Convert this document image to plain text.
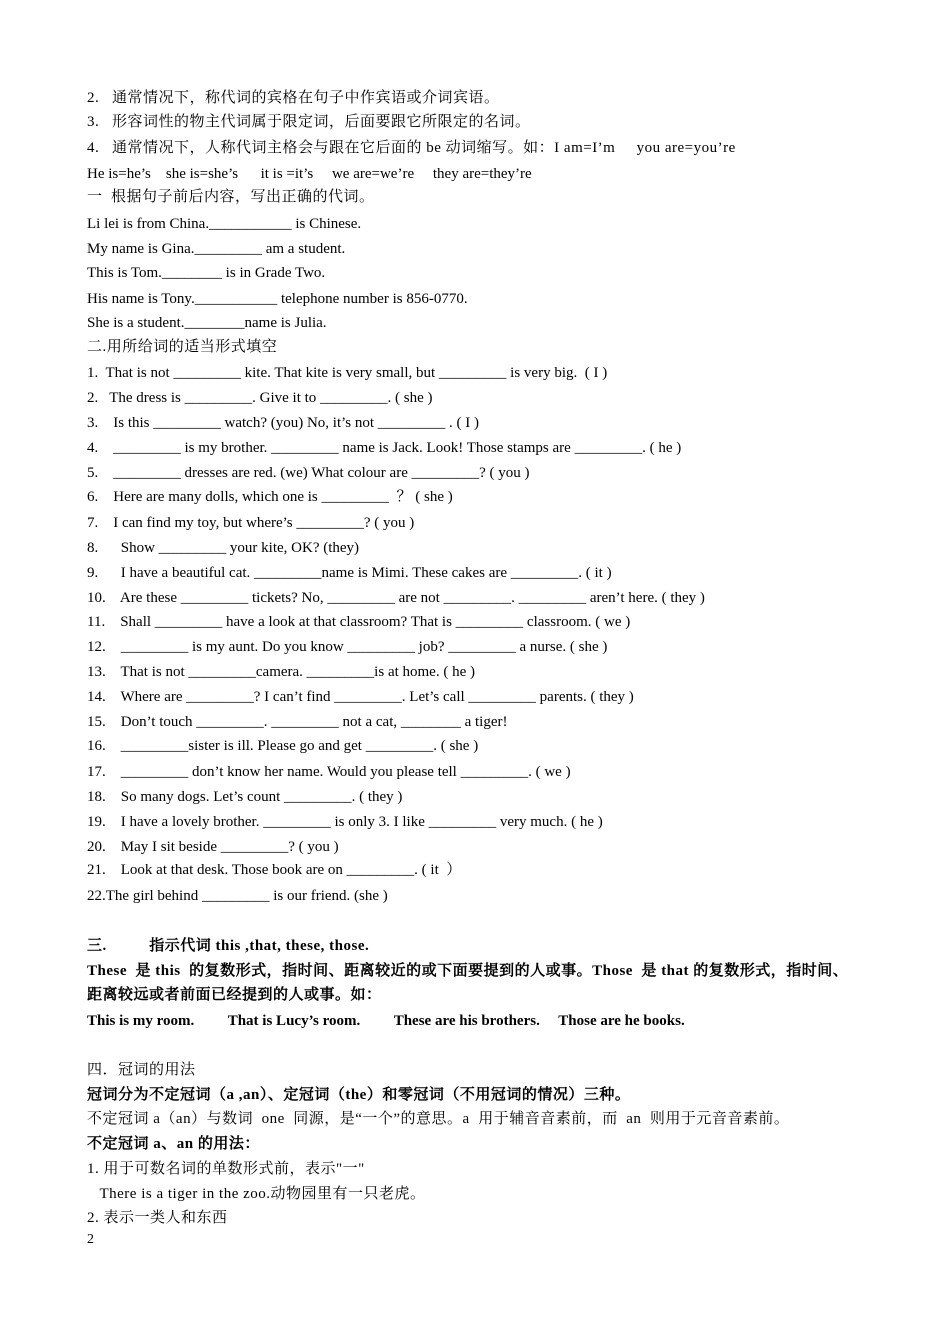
2.   通常情况下，称代词的宾格在句子中作宾语或介词宾语。
3.   形容词性的物主代词属于限定词，后面要跟它所限定的名词。
4.   通常情况下，人称代词主格会与跟在它后面的 be 动词缩写。如：I am=I’m     you are=you’re
He is=he’s    she is=she’s      it is =it’s     we are=we’re     they are=they’re
一  根据句子前后内容，写出正确的代词。
Li lei is from China.___________ is Chinese.
My name is Gina._________ am a student.
This is Tom.________ is in Grade Two.
His name is Tony.___________ telephone number is 856-0770.
She is a student.________name is Julia.
二.用所给词的适当形式填空
1.  That is not _________ kite. That kite is very small, but _________ is very big.  ( I )
2.   The dress is _________. Give it to _________. ( she )
3.    Is this _________ watch? (you) No, it’s not _________ . ( I )
4.    _________ is my brother. _________ name is Jack. Look! Those stamps are _________. ( he )
5.    _________ dresses are red. (we) What colour are _________? ( you )
6.    Here are many dolls, which one is _________  ？ ( she )
7.    I can find my toy, but where’s _________? ( you )
8.      Show _________ your kite, OK? (they)
9.      I have a beautiful cat. _________name is Mimi. These cakes are _________. ( it )
10.    Are these _________ tickets? No, _________ are not _________. _________ aren’t here. ( they )
11.    Shall _________ have a look at that classroom? That is _________ classroom. ( we )
12.    _________ is my aunt. Do you know _________ job? _________ a nurse. ( she )
13.    That is not _________camera. _________is at home. ( he )
14.    Where are _________? I can’t find _________. Let’s call _________ parents. ( they )
15.    Don’t touch _________. _________ not a cat, ________ a tiger!
16.    _________sister is ill. Please go and get _________. ( she )
17.    _________ don’t know her name. Would you please tell _________. ( we )
18.    So many dogs. Let’s count _________. ( they )
19.    I have a lovely brother. _________ is only 3. I like _________ very much. ( he )
20.    May I sit beside _________? ( you )
21.    Look at that desk. Those book are on _________. ( it  ）
22.The girl behind _________ is our friend. (she )
三.          指示代词 this ,that, these, those.
These  是 this  的复数形式，指时间、距离较近的或下面要提到的人或事。Those  是 that 的复数形式，指时间、
距离较远或者前面已经提到的人或事。如：
This is my room.         That is Lucy’s room.         These are his brothers.     Those are he books.
四．冠词的用法
冠词分为不定冠词（a ,an）、定冠词（the）和零冠词（不用冠词的情况）三种。
不定冠词 a（an）与数词  one  同源，是“一个”的意思。a  用于辅音音素前，而  an  则用于元音音素前。
不定冠词 a、an 的用法：
1. 用于可数名词的单数形式前，表示"一"
There is a tiger in the zoo.动物园里有一只老虎。
2. 表示一类人和东西
2
